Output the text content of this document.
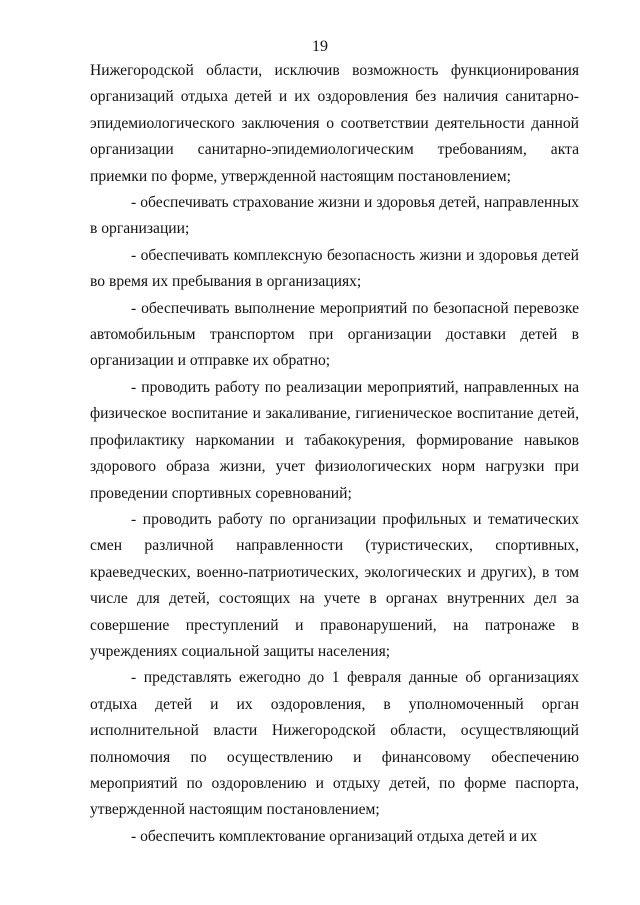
19

Нижегородской области, исключив возможность функционирования организаций отдыха детей и их оздоровления без наличия санитарно-эпидемиологического заключения о соответствии деятельности данной организации санитарно-эпидемиологическим требованиям, акта приемки по форме, утвержденной настоящим постановлением;

- обеспечивать страхование жизни и здоровья детей, направленных в организации;

- обеспечивать комплексную безопасность жизни и здоровья детей во время их пребывания в организациях;

- обеспечивать выполнение мероприятий по безопасной перевозке автомобильным транспортом при организации доставки детей в организации и отправке их обратно;

- проводить работу по реализации мероприятий, направленных на физическое воспитание и закаливание, гигиеническое воспитание детей, профилактику наркомании и табакокурения, формирование навыков здорового образа жизни, учет физиологических норм нагрузки при проведении спортивных соревнований;

- проводить работу по организации профильных и тематических смен различной направленности (туристических, спортивных, краеведческих, военно-патриотических, экологических и других), в том числе для детей, состоящих на учете в органах внутренних дел за совершение преступлений и правонарушений, на патронаже в учреждениях социальной защиты населения;

- представлять ежегодно до 1 февраля данные об организациях отдыха детей и их оздоровления, в уполномоченный орган исполнительной власти Нижегородской области, осуществляющий полномочия по осуществлению и финансовому обеспечению мероприятий по оздоровлению и отдыху детей, по форме паспорта, утвержденной настоящим постановлением;

- обеспечить комплектование организаций отдыха детей и их
